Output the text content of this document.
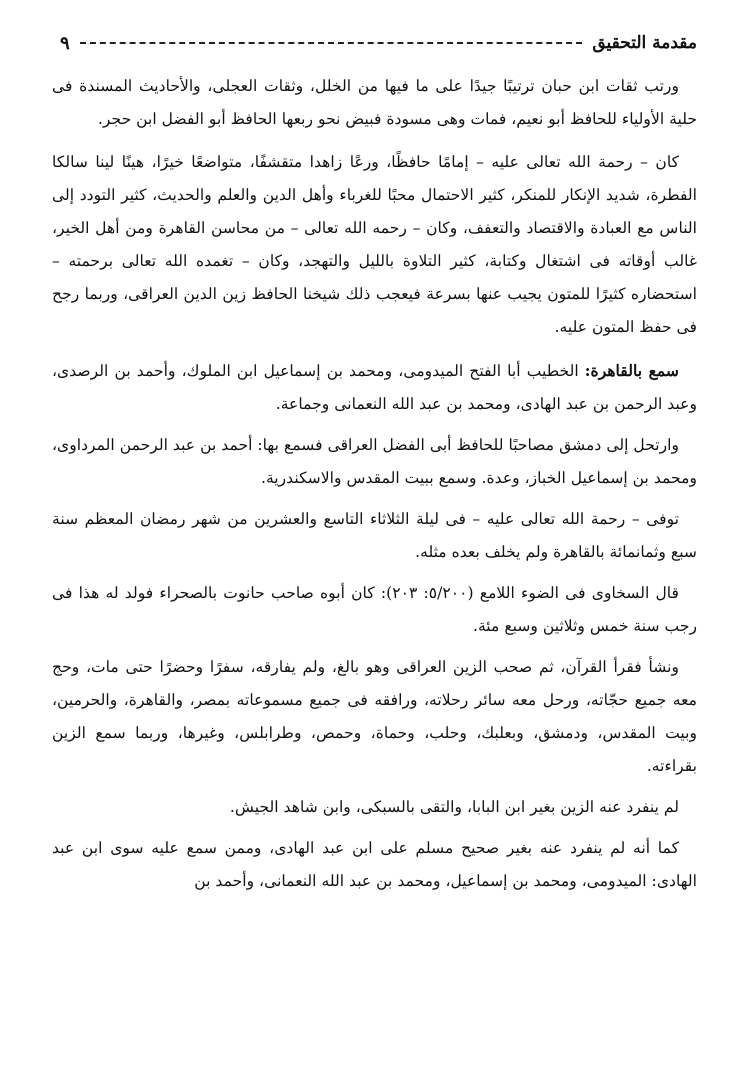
مقدمة التحقيق
٩

ورتب ثقات ابن حبان ترتيبًا جيدًا على ما فيها من الخلل، وثقات العجلى، والأحاديث المسندة فى حلية الأولياء للحافظ أبو نعيم، فمات وهى مسودة فبيض نحو ربعها الحافظ أبو الفضل ابن حجر.

كان – رحمة الله تعالى عليه – إمامًا حافظًا، ورعًا زاهدا متقشفًا، متواضعًا خيرًا، هينًا لينا سالكا الفطرة، شديد الإنكار للمنكر، كثير الاحتمال محبًا للغرباء وأهل الدين والعلم والحديث، كثير التودد إلى الناس مع العبادة والاقتصاد والتعفف، وكان – رحمه الله تعالى – من محاسن القاهرة ومن أهل الخير، غالب أوقاته فى اشتغال وكتابة، كثير التلاوة بالليل والتهجد، وكان – تغمده الله تعالى برحمته – استحضاره كثيرًا للمتون يجيب عنها بسرعة فيعجب ذلك شيخنا الحافظ زين الدين العراقى، وربما رجح فى حفظ المتون عليه.

سمع بالقاهرة: الخطيب أبا الفتح الميدومى، ومحمد بن إسماعيل ابن الملوك، وأحمد بن الرصدى، وعبد الرحمن بن عبد الهادى، ومحمد بن عبد الله النعمانى وجماعة.

وارتحل إلى دمشق مصاحبًا للحافظ أبى الفضل العراقى فسمع بها: أحمد بن عبد الرحمن المرداوى، ومحمد بن إسماعيل الخباز، وعدة. وسمع ببيت المقدس والاسكندرية.

توفى – رحمة الله تعالى عليه – فى ليلة الثلاثاء التاسع والعشرين من شهر رمضان المعظم سنة سبع وثمانمائة بالقاهرة ولم يخلف بعده مثله.

قال السخاوى فى الضوء اللامع (٥/٢٠٠: ٢٠٣): كان أبوه صاحب حانوت بالصحراء فولد له هذا فى رجب سنة خمس وثلاثين وسبع مئة.

ونشأ فقرأ القرآن، ثم صحب الزين العراقى وهو بالغ، ولم يفارقه، سفرًا وحضرًا حتى مات، وحج معه جميع حجّاته، ورحل معه سائر رحلاته، ورافقه فى جميع مسموعاته بمصر، والقاهرة، والحرمين، وبيت المقدس، ودمشق، وبعلبك، وحلب، وحماة، وحمص، وطرابلس، وغيرها، وربما سمع الزين بقراءته.

لم ينفرد عنه الزين بغير ابن البابا، والتقى بالسبكى، وابن شاهد الجيش.

كما أنه لم ينفرد عنه بغير صحيح مسلم على ابن عبد الهادى، وممن سمع عليه سوى ابن عبد الهادى: الميدومى، ومحمد بن إسماعيل، ومحمد بن عبد الله النعمانى، وأحمد بن
